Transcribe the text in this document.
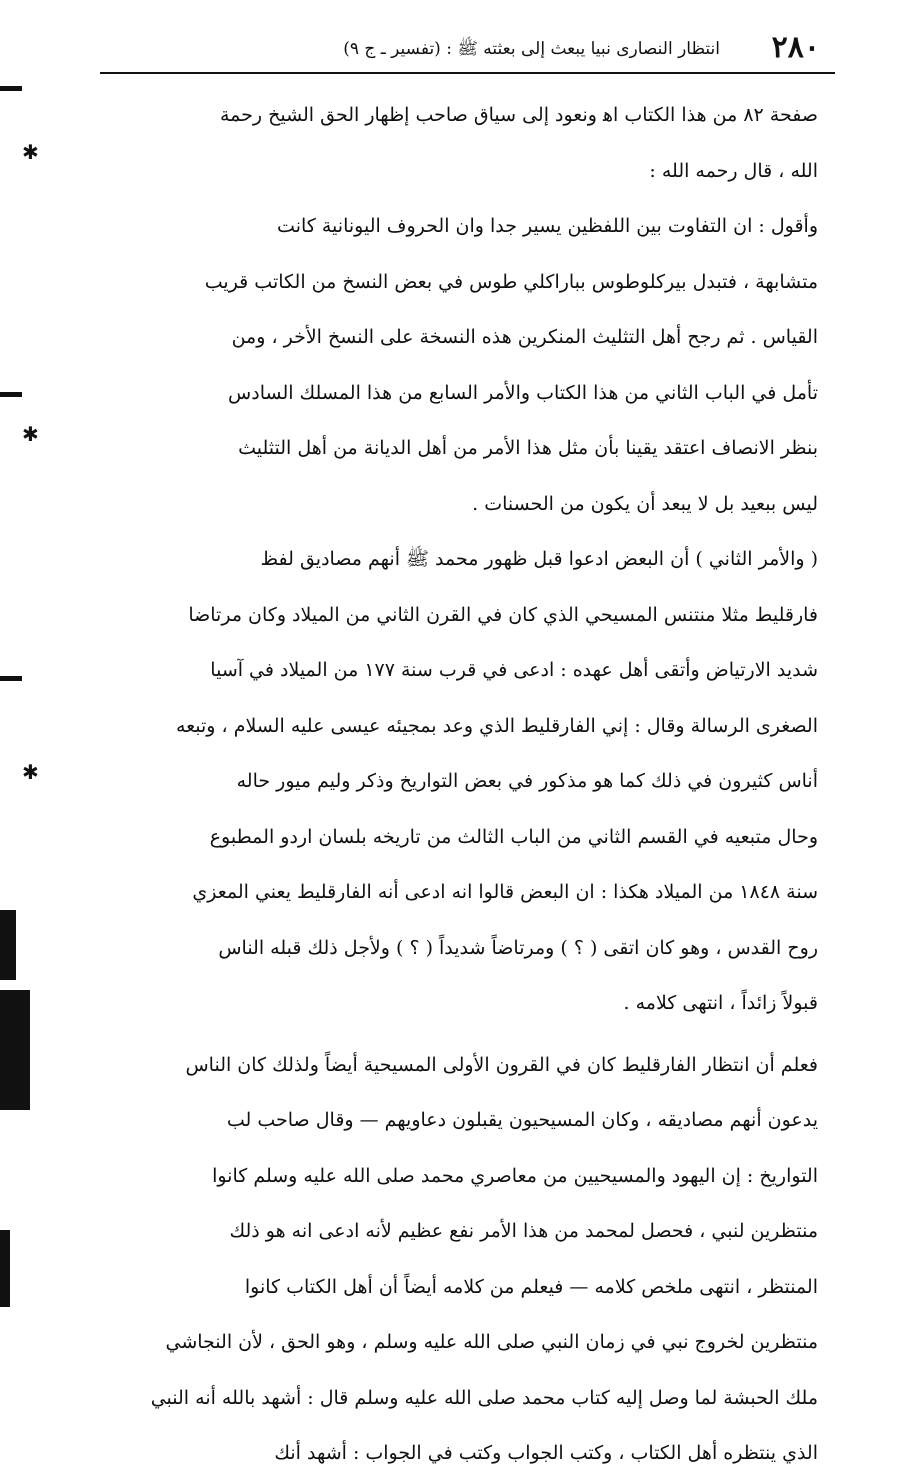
✱
✱
✱
٢٨٠
انتظار النصارى نبيا يبعث إلى بعثته ﷺ : (تفسير ـ ج ٩)

صفحة ٨٢ من هذا الكتاب اﻫ ونعود إلى سياق صاحب إظهار الحق الشيخ رحمة

الله ، قال رحمه الله :

وأقول : ان التفاوت بين اللفظين يسير جدا وان الحروف اليونانية كانت

متشابهة ، فتبدل بيركلوطوس بباراكلي طوس في بعض النسخ من الكاتب قريب

القياس . ثم رجح أهل التثليث المنكرين هذه النسخة على النسخ الأخر ، ومن

تأمل في الباب الثاني من هذا الكتاب والأمر السابع من هذا المسلك السادس

بنظر الانصاف اعتقد يقينا بأن مثل هذا الأمر من أهل الديانة من أهل التثليث

ليس ببعيد بل لا يبعد أن يكون من الحسنات .

( والأمر الثاني ) أن البعض ادعوا قبل ظهور محمد ﷺ أنهم مصاديق لفظ

فارقليط مثلا منتنس المسيحي الذي كان في القرن الثاني من الميلاد وكان مرتاضا

شديد الارتياض وأتقى أهل عهده : ادعى في قرب سنة ١٧٧ من الميلاد في آسيا

الصغرى الرسالة وقال : إني الفارقليط الذي وعد بمجيئه عيسى عليه السلام ، وتبعه

أناس كثيرون في ذلك كما هو مذكور في بعض التواريخ وذكر وليم ميور حاله

وحال متبعيه في القسم الثاني من الباب الثالث من تاريخه بلسان اردو المطبوع

سنة ١٨٤٨ من الميلاد هكذا : ان البعض قالوا انه ادعى أنه الفارقليط يعني المعزي

روح القدس ، وهو كان اتقى ( ؟ ) ومرتاضاً شديداً ( ؟ ) ولأجل ذلك قبله الناس

قبولاً زائداً ، انتهى كلامه .

فعلم أن انتظار الفارقليط كان في القرون الأولى المسيحية أيضاً ولذلك كان الناس

يدعون أنهم مصاديقه ، وكان المسيحيون يقبلون دعاويهم — وقال صاحب لب

التواريخ : إن اليهود والمسيحيين من معاصري محمد صلى الله عليه وسلم كانوا

منتظرين لنبي ، فحصل لمحمد من هذا الأمر نفع عظيم لأنه ادعى انه هو ذلك

المنتظر ، انتهى ملخص كلامه — فيعلم من كلامه أيضاً أن أهل الكتاب كانوا

منتظرين لخروج نبي في زمان النبي صلى الله عليه وسلم ، وهو الحق ، لأن النجاشي

ملك الحبشة لما وصل إليه كتاب محمد صلى الله عليه وسلم قال : أشهد بالله أنه النبي

الذي ينتظره أهل الكتاب ، وكتب الجواب وكتب في الجواب : أشهد أنك
